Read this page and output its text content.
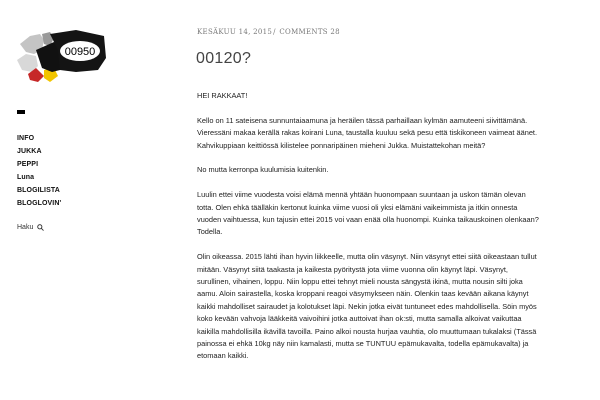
00950
INFO
JUKKA
PEPPI
Luna
BLOGILISTA
BLOGLOVIN'
Haku
KESÄKUU 14, 2015/ COMMENTS 28
00120?

HEI RAKKAAT!

Kello on 11 sateisena sunnuntaiaamuna ja heräilen tässä parhaillaan kylmän aamuteeni siivittämänä. Vieressäni makaa kerällä rakas koirani Luna, taustalla kuuluu sekä pesu että tiskikoneen vaimeat äänet. Kahvikuppiaan keittiössä kilistelee ponnaripäinen mieheni Jukka. Muistattekohan meitä?

No mutta kerronpa kuulumisia kuitenkin.

Luulin ettei viime vuodesta voisi elämä mennä yhtään huonompaan suuntaan ja uskon tämän olevan totta. Olen ehkä täälläkin kertonut kuinka viime vuosi oli yksi elämäni vaikeimmista ja itkin onnesta vuoden vaihtuessa, kun tajusin ettei 2015 voi vaan enää olla huonompi. Kuinka taikauskoinen olenkaan? Todella.

Olin oikeassa. 2015 lähti ihan hyvin liikkeelle, mutta olin väsynyt. Niin väsynyt ettei siitä oikeastaan tullut mitään. Väsynyt siitä taakasta ja kaikesta pyöritystä jota viime vuonna olin käynyt läpi. Väsynyt, surullinen, vihainen, loppu. Niin loppu ettei tehnyt mieli nousta sängystä ikinä, mutta nousin silti joka aamu. Aloin sairastella, koska kroppani reagoi väsymykseen näin. Olenkin taas kevään aikana käynyt kaikki mahdolliset sairaudet ja kolotukset läpi. Nekin jotka eivät tuntuneet edes mahdollisella. Söin myös koko kevään vahvoja lääkkeitä vaivoihini jotka auttoivat ihan ok:sti, mutta samalla alkoivat vaikuttaa kaikilla mahdollisilla ikävillä tavoilla. Paino alkoi nousta hurjaa vauhtia, olo muuttumaan tukalaksi (Tässä painossa ei ehkä 10kg näy niin kamalasti, mutta se TUNTUU epämukavalta, todella epämukavalta) ja etomaan kaikki.
